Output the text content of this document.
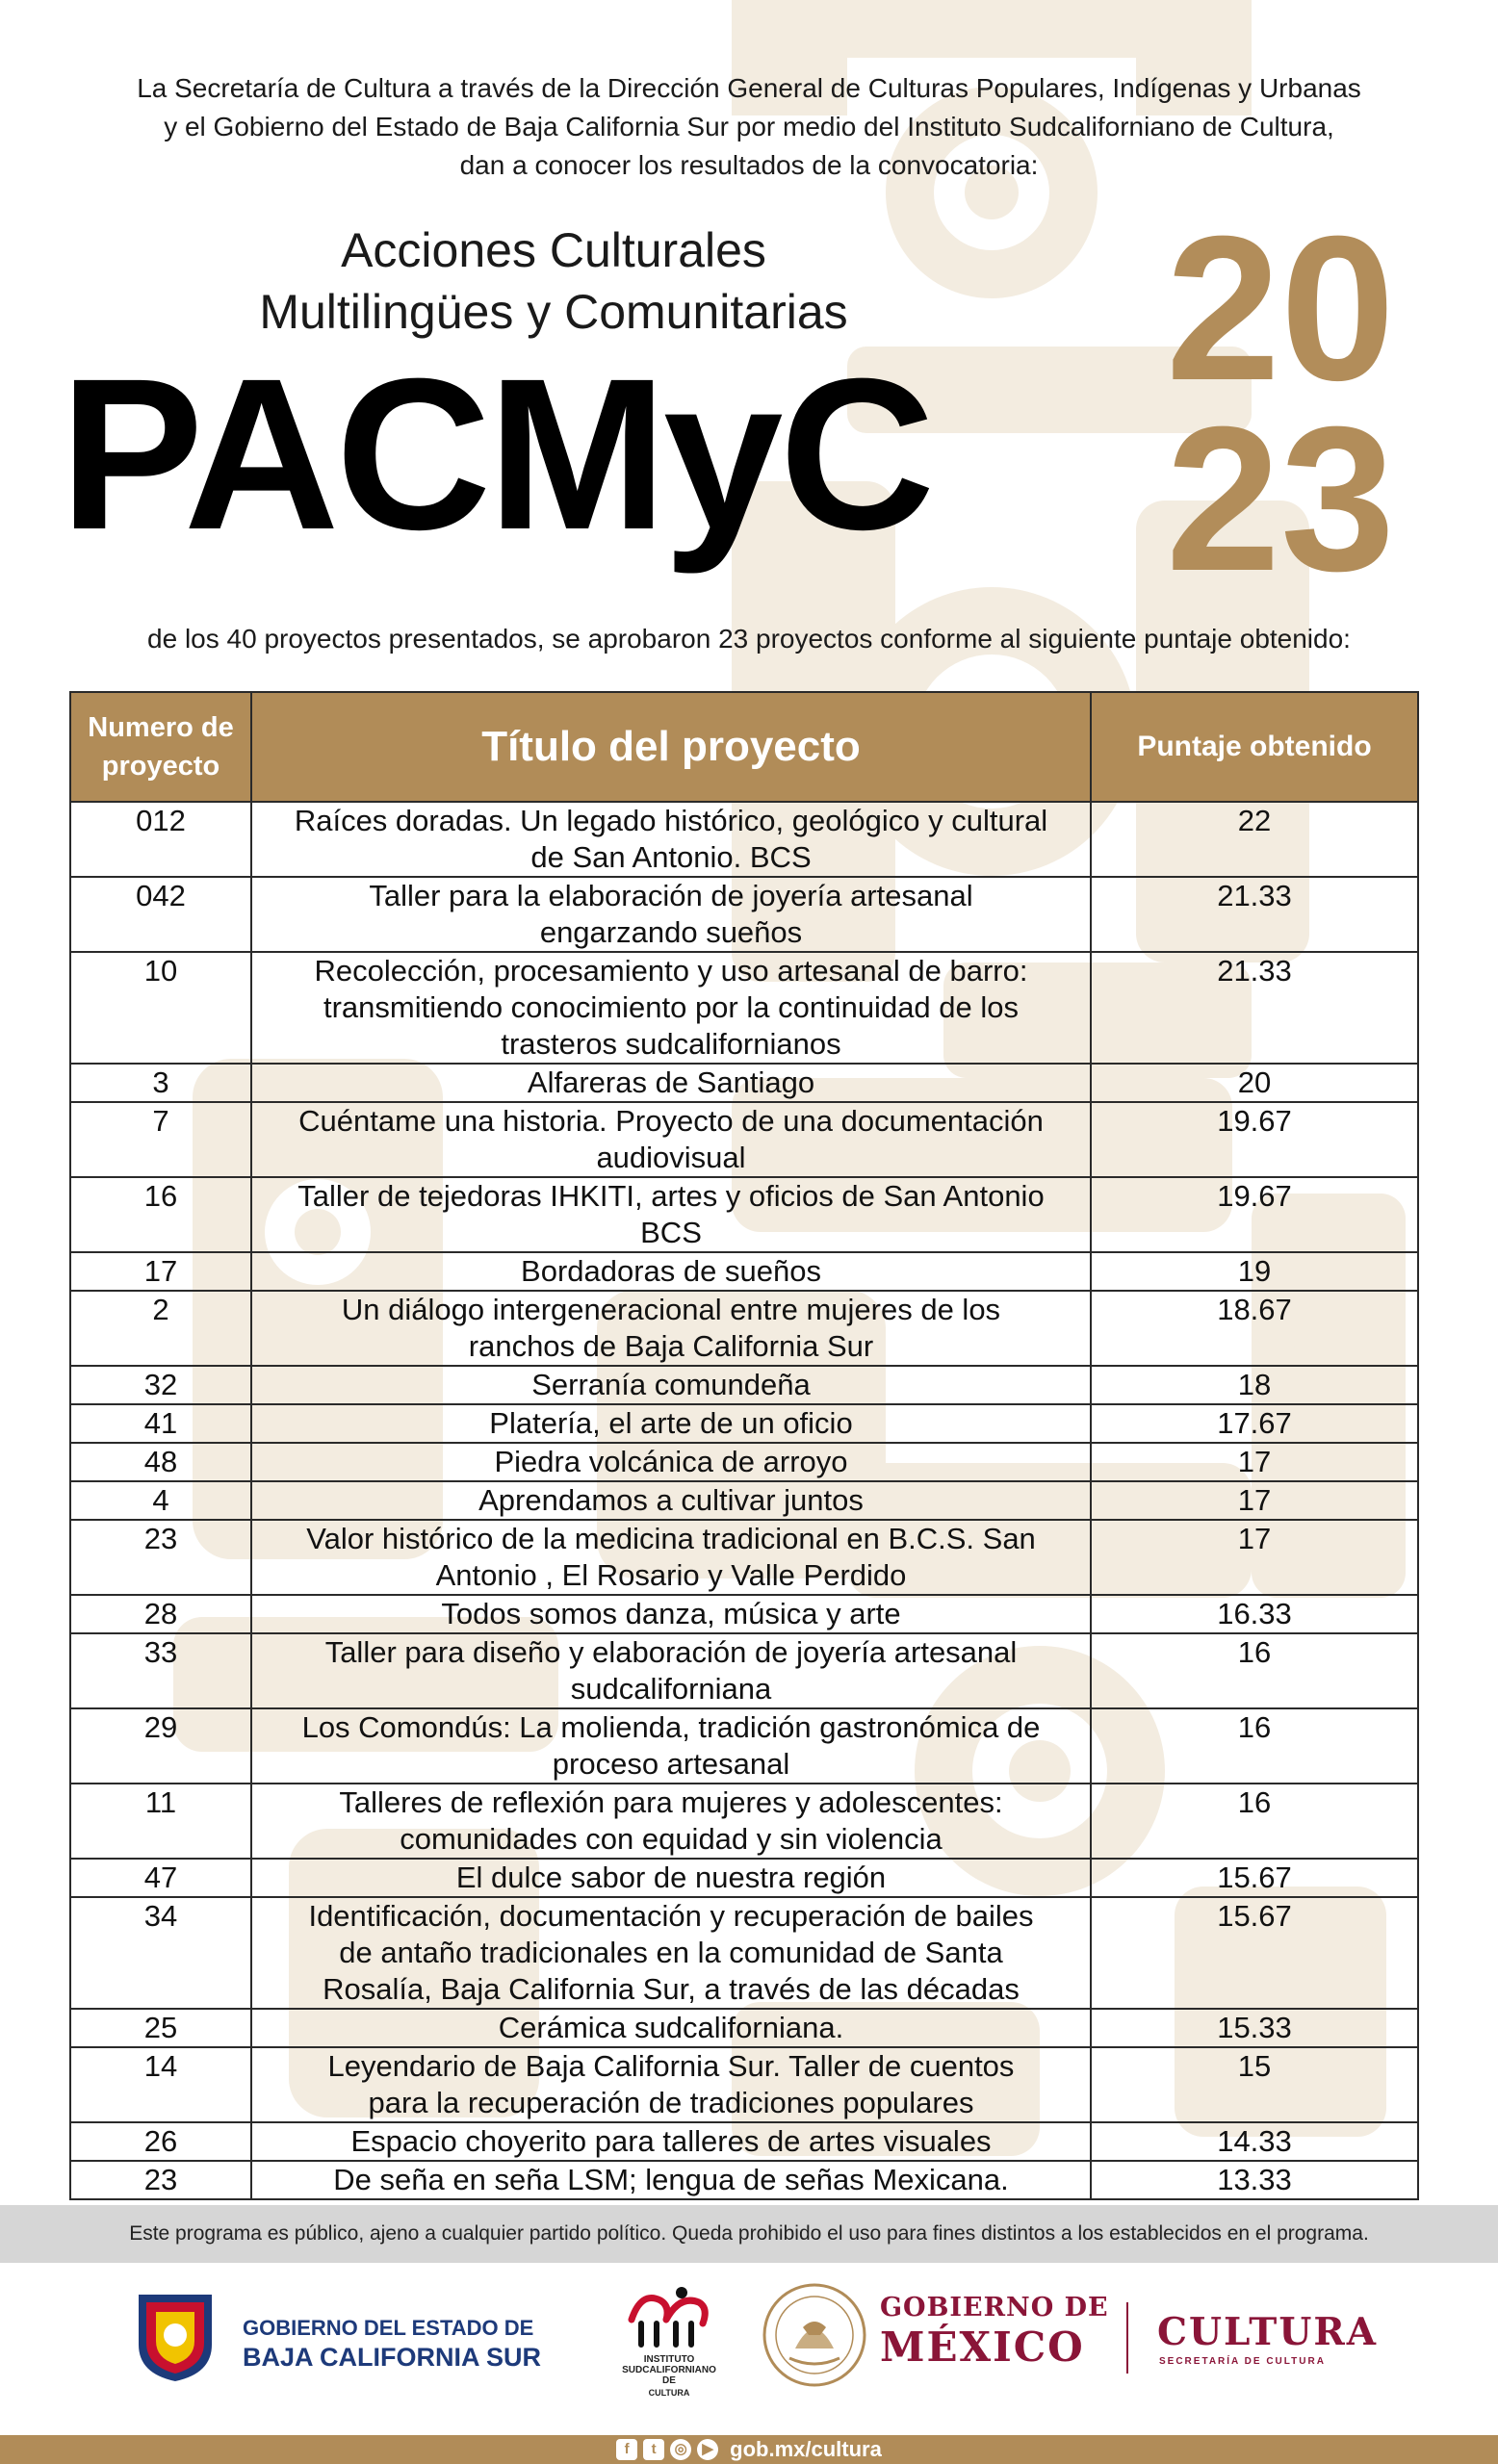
La Secretaría de Cultura a través de la Dirección General de Culturas Populares, Indígenas y Urbanas
y el Gobierno del Estado de Baja California Sur por medio del Instituto Sudcaliforniano de Cultura,
dan a conocer los resultados de la convocatoria:
Acciones Culturales
Multilingües y Comunitarias
PACMyC
20
23
de los 40 proyectos presentados, se aprobaron 23 proyectos conforme al siguiente puntaje obtenido:
Numero de
proyecto	Título del proyecto	Puntaje obtenido
012	Raíces doradas. Un legado histórico, geológico y cultural
de San Antonio. BCS	22
042	Taller para la elaboración de joyería artesanal
engarzando sueños	21.33
10	Recolección, procesamiento y uso artesanal de barro:
transmitiendo conocimiento por la continuidad de los
trasteros sudcalifornianos	21.33
3	Alfareras de Santiago	20
7	Cuéntame una historia. Proyecto de una documentación
audiovisual	19.67
16	Taller de tejedoras IHKITI, artes y oficios de San Antonio
BCS	19.67
17	Bordadoras de sueños	19
2	Un diálogo intergeneracional entre mujeres de los
ranchos de Baja California Sur	18.67
32	Serranía comundeña	18
41	Platería, el arte de un oficio	17.67
48	Piedra volcánica de arroyo	17
4	Aprendamos a cultivar juntos	17
23	Valor histórico de la medicina tradicional en B.C.S. San
Antonio , El Rosario y Valle Perdido	17
28	Todos somos danza, música y arte	16.33
33	Taller para diseño y elaboración de joyería artesanal
sudcaliforniana	16
29	Los Comondús: La molienda, tradición gastronómica de
proceso artesanal	16
11	Talleres de reflexión para mujeres y adolescentes:
comunidades con equidad y sin violencia	16
47	El dulce sabor de nuestra región	15.67
34	Identificación, documentación y recuperación de bailes
de antaño tradicionales en la comunidad de Santa
Rosalía, Baja California Sur, a través de las décadas	15.67
25	Cerámica sudcaliforniana.	15.33
14	Leyendario de Baja California Sur. Taller de cuentos
para la recuperación de tradiciones populares	15
26	Espacio choyerito para talleres de artes visuales	14.33
23	De seña en seña LSM; lengua de señas Mexicana.	13.33
Este programa es público, ajeno a cualquier partido político. Queda prohibido el uso para fines distintos a los establecidos en el programa.
GOBIERNO DEL ESTADO DE
BAJA CALIFORNIA SUR	INSTITUTO
SUDCALIFORNIANO
DE
CULTURA
GOBIERNO DE
MÉXICO CULTURA
SECRETARÍA DE CULTURA
f	t	◎	▶ gob.mx/cultura
